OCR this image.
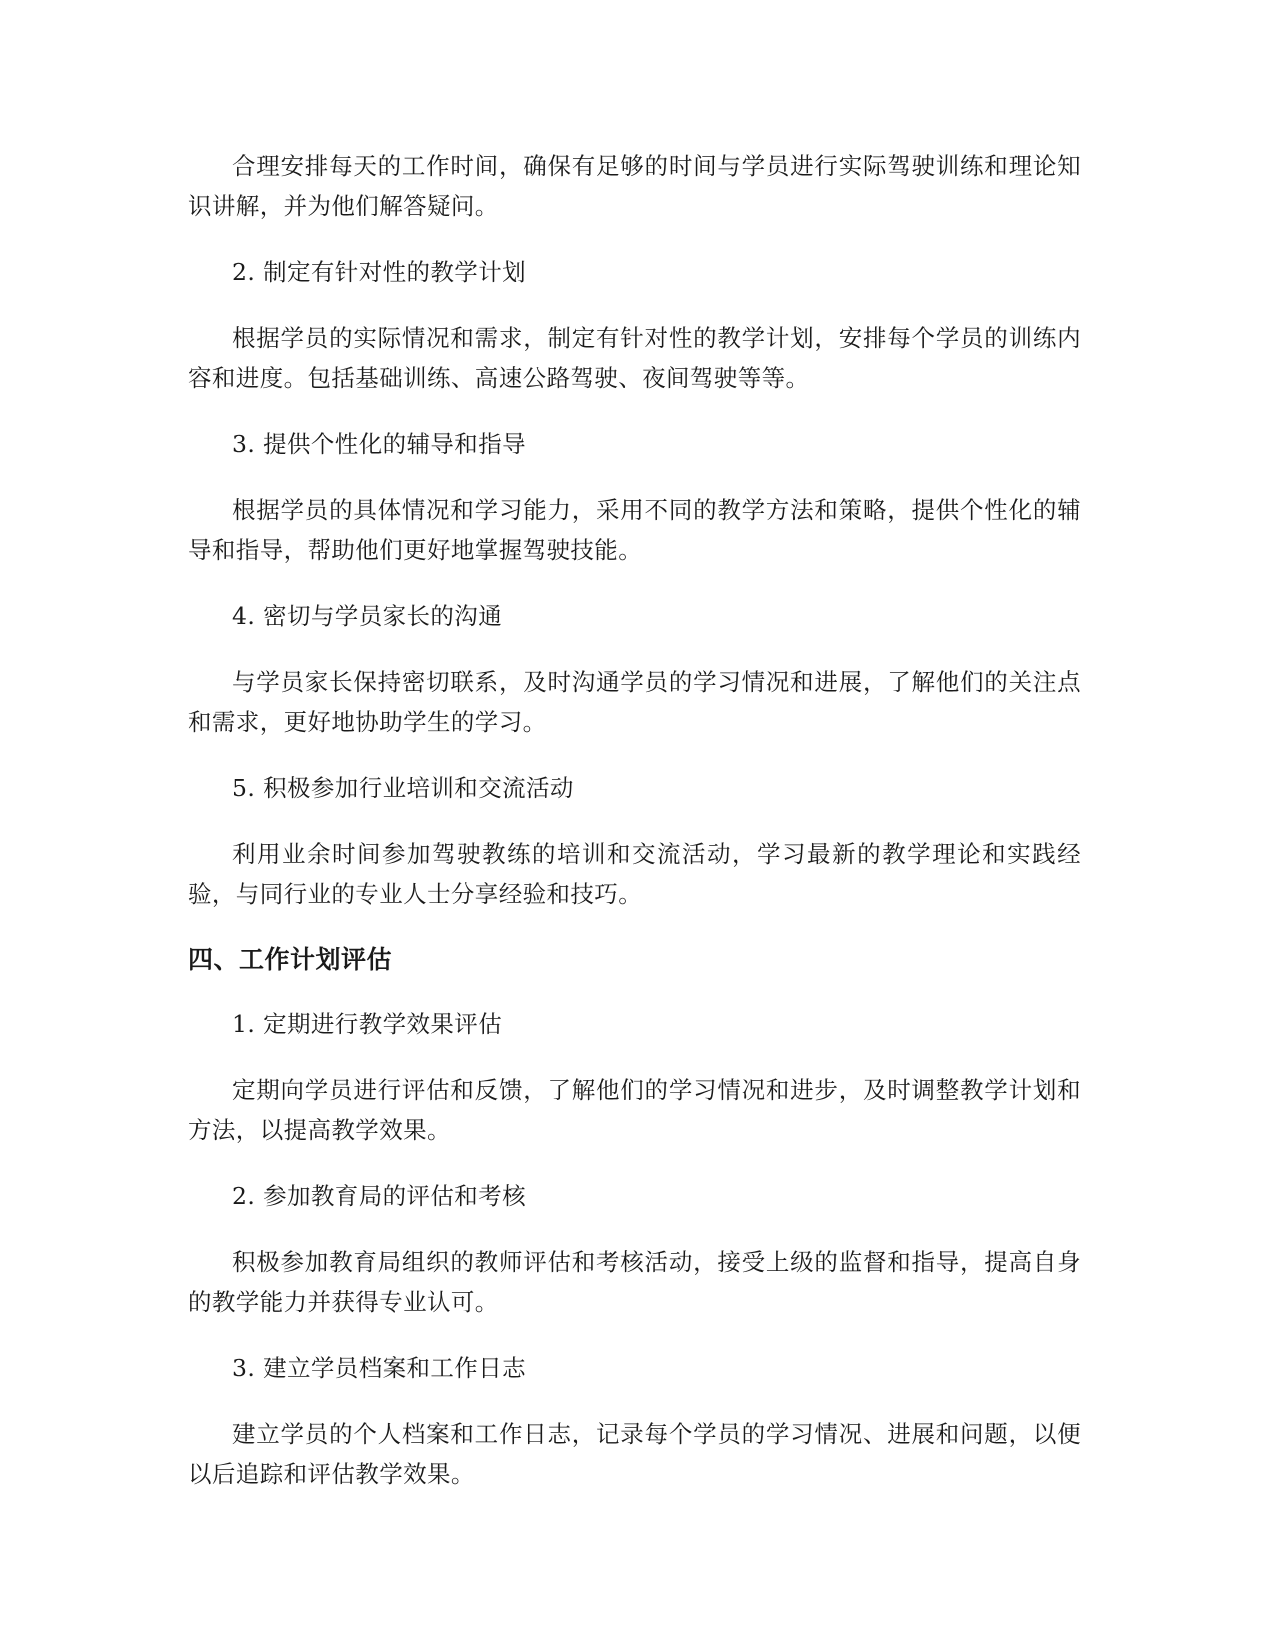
合理安排每天的工作时间，确保有足够的时间与学员进行实际驾驶训练和理论知识讲解，并为他们解答疑问。

2. 制定有针对性的教学计划

根据学员的实际情况和需求，制定有针对性的教学计划，安排每个学员的训练内容和进度。包括基础训练、高速公路驾驶、夜间驾驶等等。

3. 提供个性化的辅导和指导

根据学员的具体情况和学习能力，采用不同的教学方法和策略，提供个性化的辅导和指导，帮助他们更好地掌握驾驶技能。

4. 密切与学员家长的沟通

与学员家长保持密切联系，及时沟通学员的学习情况和进展，了解他们的关注点和需求，更好地协助学生的学习。

5. 积极参加行业培训和交流活动

利用业余时间参加驾驶教练的培训和交流活动，学习最新的教学理论和实践经验，与同行业的专业人士分享经验和技巧。

四、工作计划评估

1. 定期进行教学效果评估

定期向学员进行评估和反馈，了解他们的学习情况和进步，及时调整教学计划和方法，以提高教学效果。

2. 参加教育局的评估和考核

积极参加教育局组织的教师评估和考核活动，接受上级的监督和指导，提高自身的教学能力并获得专业认可。

3. 建立学员档案和工作日志

建立学员的个人档案和工作日志，记录每个学员的学习情况、进展和问题，以便以后追踪和评估教学效果。
